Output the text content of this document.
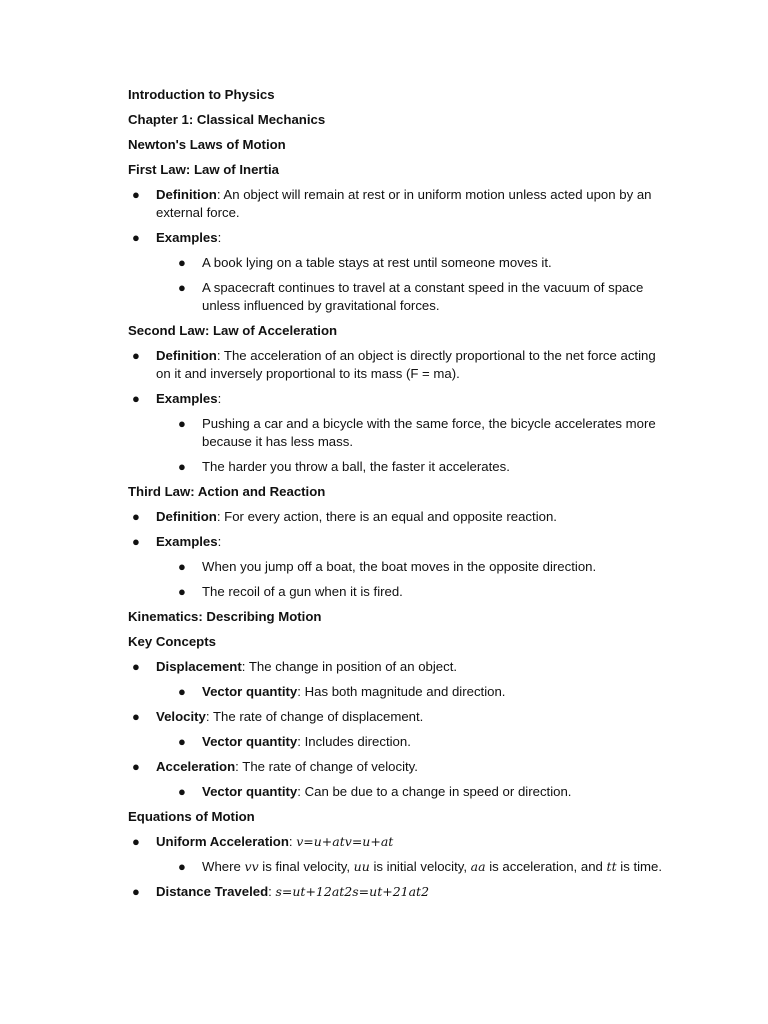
Introduction to Physics
Chapter 1: Classical Mechanics
Newton's Laws of Motion
First Law: Law of Inertia
● Definition: An object will remain at rest or in uniform motion unless acted upon by an external force.
● Examples:
● A book lying on a table stays at rest until someone moves it.
● A spacecraft continues to travel at a constant speed in the vacuum of space unless influenced by gravitational forces.
Second Law: Law of Acceleration
● Definition: The acceleration of an object is directly proportional to the net force acting on it and inversely proportional to its mass (F = ma).
● Examples:
● Pushing a car and a bicycle with the same force, the bicycle accelerates more because it has less mass.
● The harder you throw a ball, the faster it accelerates.
Third Law: Action and Reaction
● Definition: For every action, there is an equal and opposite reaction.
● Examples:
● When you jump off a boat, the boat moves in the opposite direction.
● The recoil of a gun when it is fired.
Kinematics: Describing Motion
Key Concepts
● Displacement: The change in position of an object.
● Vector quantity: Has both magnitude and direction.
● Velocity: The rate of change of displacement.
● Vector quantity: Includes direction.
● Acceleration: The rate of change of velocity.
● Vector quantity: Can be due to a change in speed or direction.
Equations of Motion
● Uniform Acceleration: v=u+atv=u+at
● Where vv is final velocity, uu is initial velocity, aa is acceleration, and tt is time.
● Distance Traveled: s=ut+12at2s=ut+21at2
